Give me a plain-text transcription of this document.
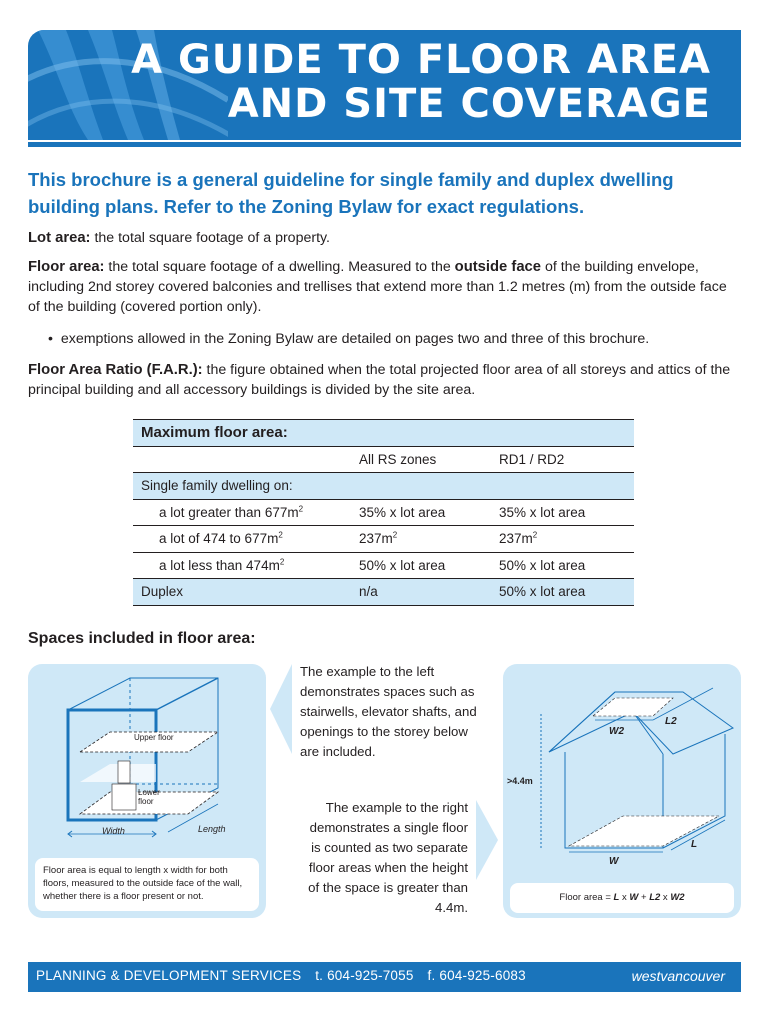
A GUIDE TO FLOOR AREA
AND SITE COVERAGE
This brochure is a general guideline for single family and duplex dwelling building plans. Refer to the Zoning Bylaw for exact regulations.
Lot area: the total square footage of a property.
Floor area: the total square footage of a dwelling. Measured to the outside face of the building envelope, including 2nd storey covered balconies and trellises that extend more than 1.2 metres (m) from the outside face of the building (covered portion only).
•  exemptions allowed in the Zoning Bylaw are detailed on pages two and three of this brochure.
Floor Area Ratio (F.A.R.): the figure obtained when the total projected floor area of all storeys and attics of the principal building and all accessory buildings is divided by the site area.
Maximum floor area:		
	All RS zones	RD1 / RD2
Single family dwelling on:		
a lot greater than $677m^2$	35% x lot area	35% x lot area
a lot of 474 to $677m^2$	$237m^2$	$237m^2$
a lot less than $474m^2$	50% x lot area	50% x lot area
Duplex	n/a	50% x lot area
Spaces included in floor area:
Upper floor
Lower
floor
Width	Length
Floor area is equal to length x width for both floors, measured to the outside face of the wall, whether there is a floor present or not.
The example to the left demonstrates spaces such as stairwells, elevator shafts, and openings to the storey below are included.
The example to the right demonstrates a single floor is counted as two separate floor areas when the height of the space is greater than 4.4m.
>4.4m
W2
L2
W
L
Floor area = L x W + L2 x W2
PLANNING & DEVELOPMENT SERVICES t. 604-925-7055 f. 604-925-6083	westvancouver
